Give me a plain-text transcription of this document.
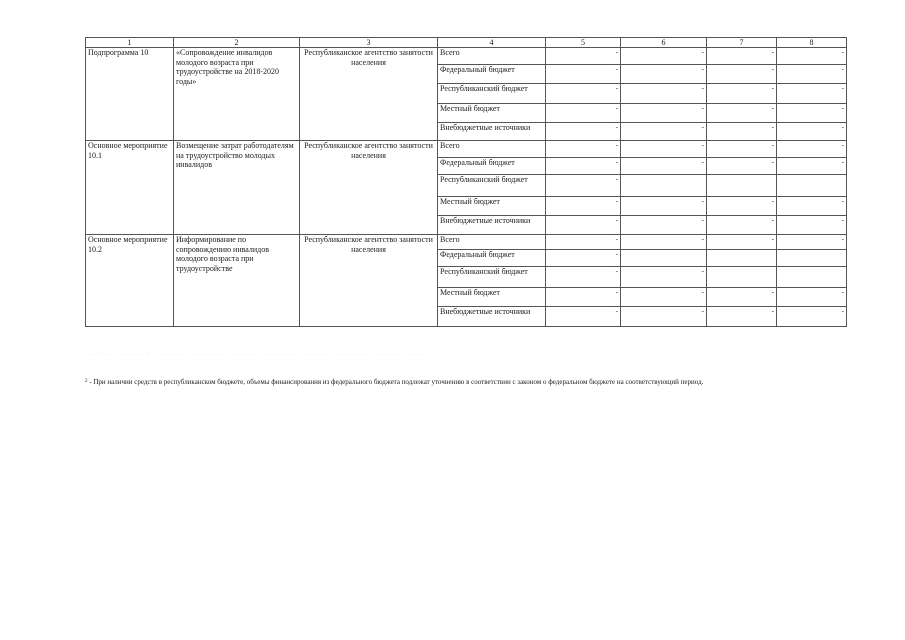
1	2	3	4	5	6	7	8
Подпрограмма 10	«Сопровождение инвалидов молодого возраста при трудоустройстве на 2018-2020 годы»	Республиканское агентство занятости населения	Всего	-	-	-	-
			Федеральный бюджет	-	-	-	-
			Республиканский бюджет	-	-	-	-
			Местный бюджет	-	-	-	-
			Внебюджетные источники	-	-	-	-
Основное мероприятие 10.1	Возмещение затрат работодателям на трудоустройство молодых инвалидов	Республиканское агентство занятости населения	Всего	-	-	-	-
			Федеральный бюджет	-	-	-	-
			Республиканский бюджет	-			
			Местный бюджет	-	-	-	-
			Внебюджетные источники	-	-	-	-
Основное мероприятие 10.2	Информирование по сопровождению инвалидов молодого возраста при трудоустройстве	Республиканское агентство занятости населения	Всего	-	-	-	-
			Федеральный бюджет	-			
			Республиканский бюджет	-	-		
			Местный бюджет	-	-	-	-
			Внебюджетные источники	-	-	-	-
. . . : . . . . . . . . . : . . . . . . . . . . . . . . . . . . . . . . . . . . . . . . . . . . . . . . . . . . . . . . . . . . . . . . . . . . . . .
$^2$ - При наличии средств в республиканском бюджете, объемы финансирования из федерального бюджета подлежат уточнению в соответствии с законом о федеральном бюджете на соответствующий период.
